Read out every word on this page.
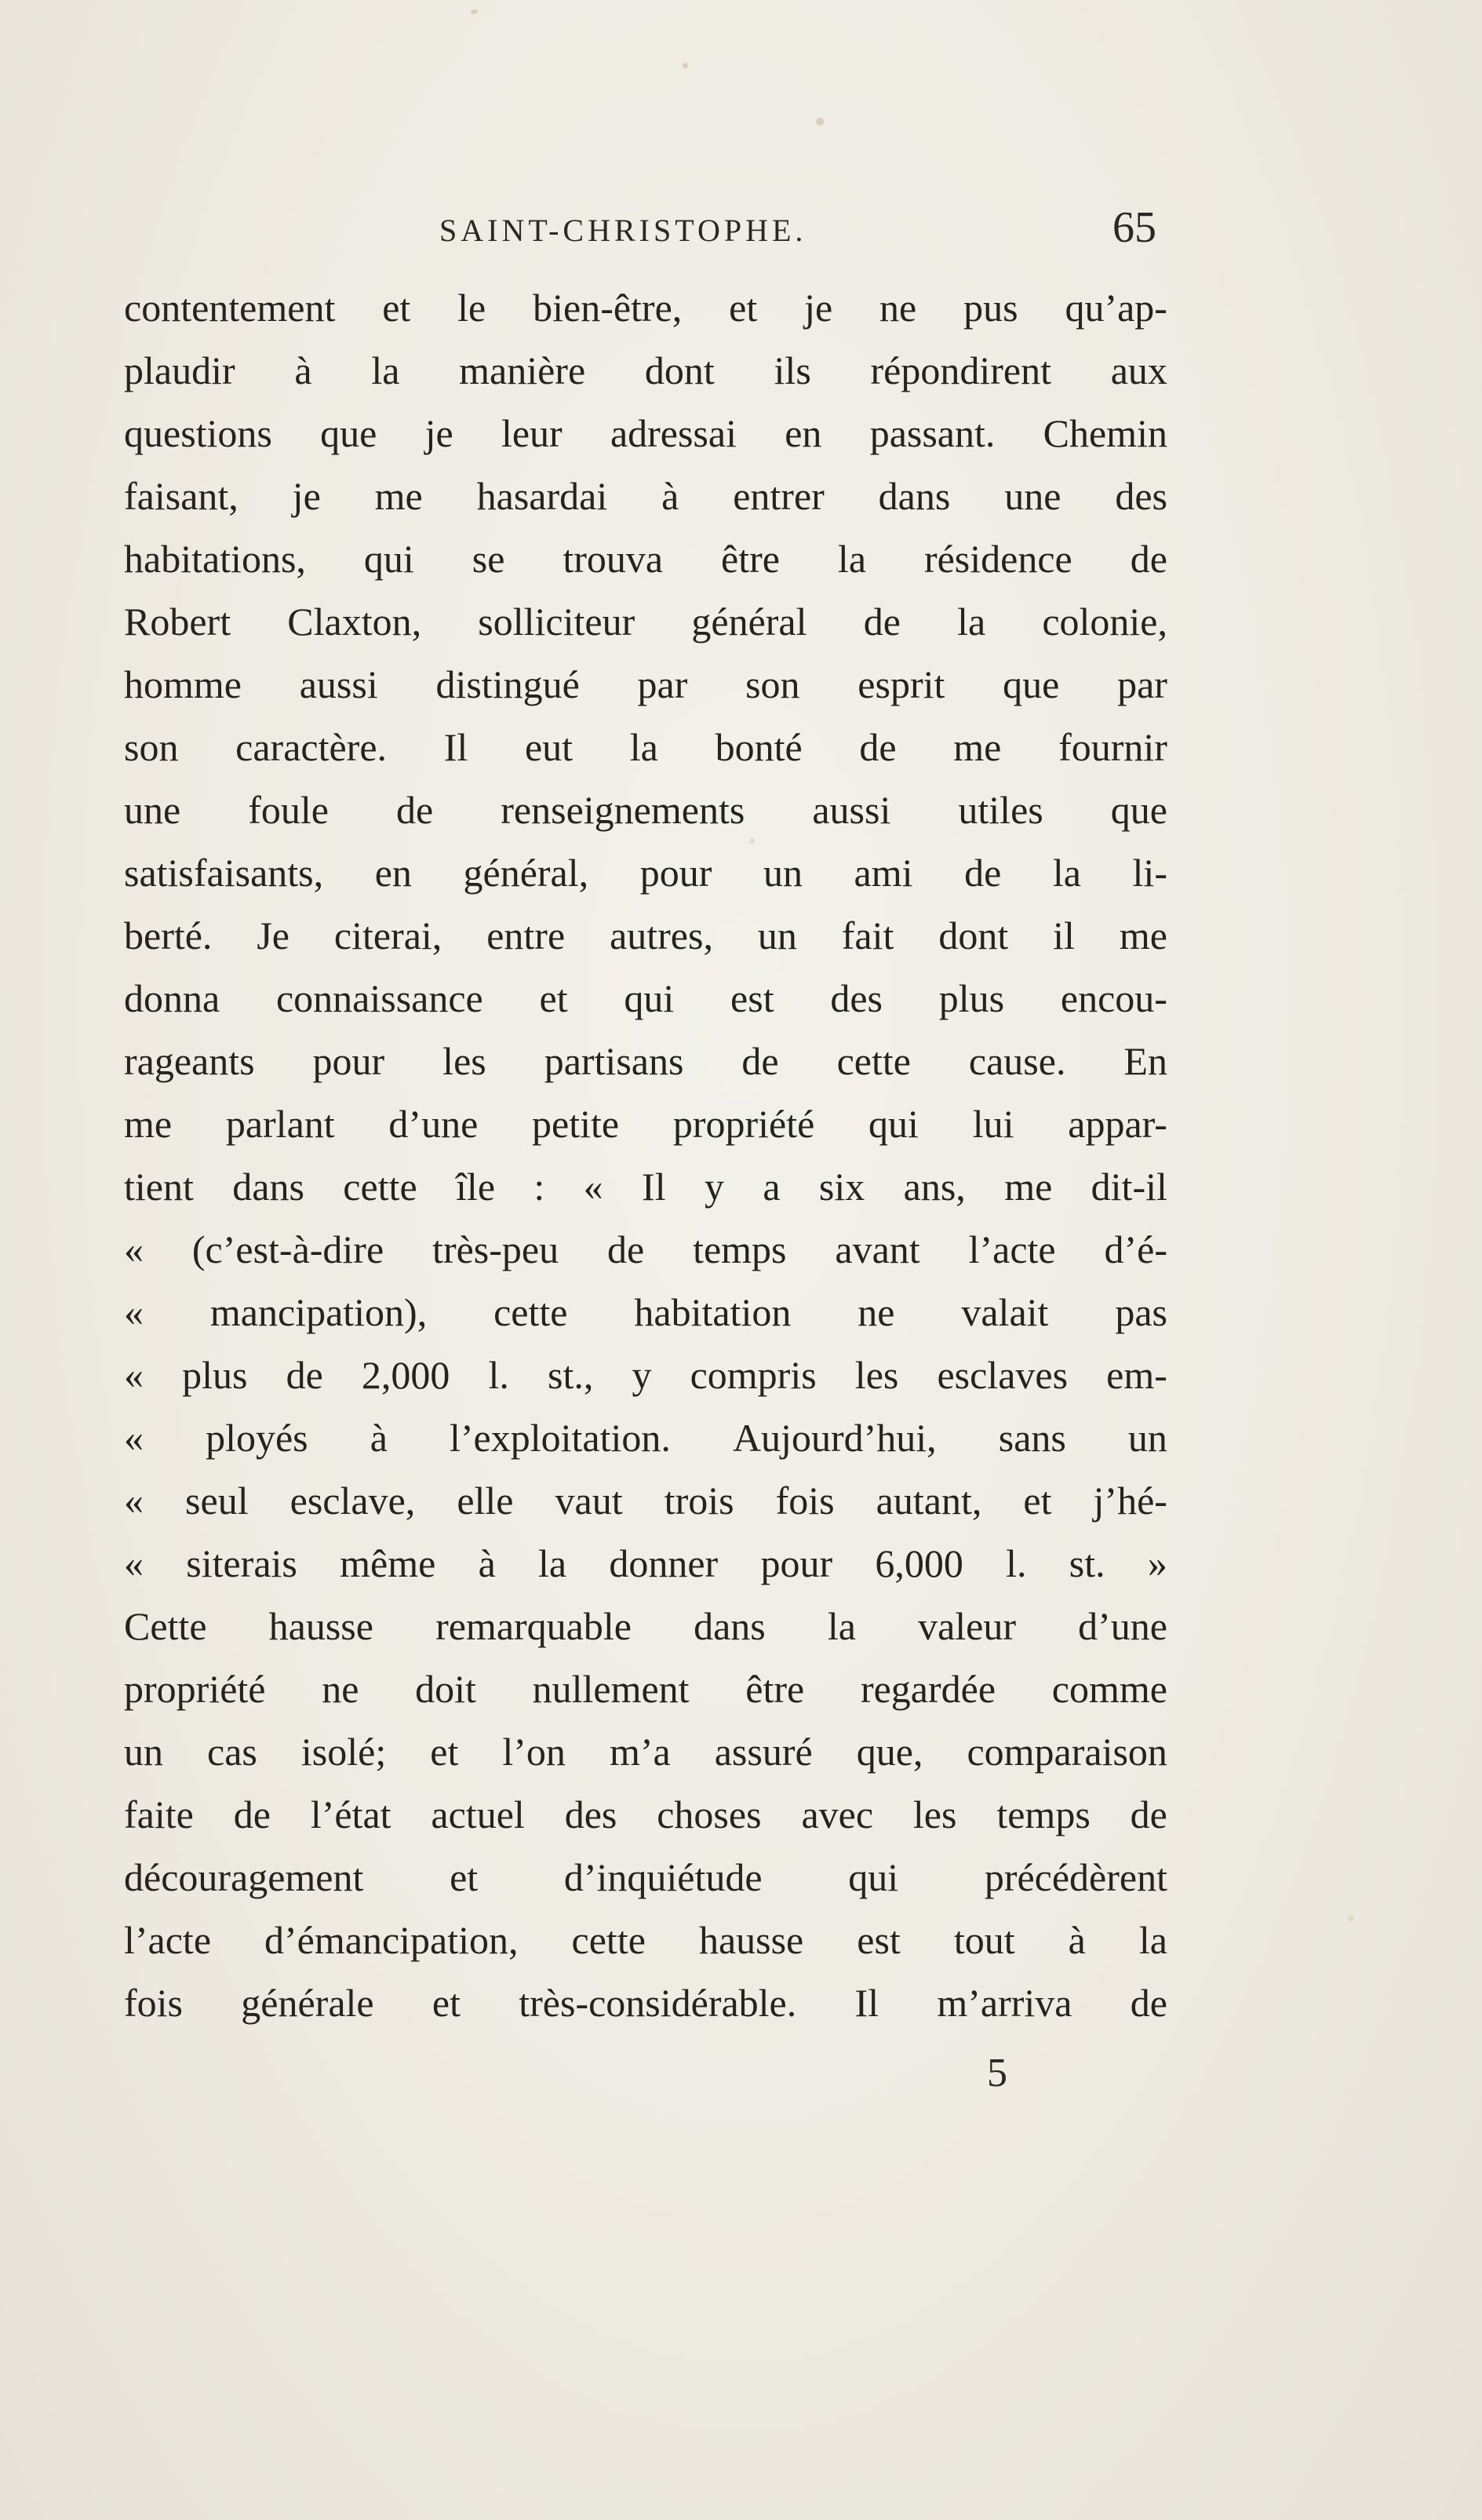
SAINT-CHRISTOPHE.	65
contentement et le bien-être, et je ne pus qu’ap-
plaudir à la manière dont ils répondirent aux
questions que je leur adressai en passant. Chemin
faisant, je me hasardai à entrer dans une des
habitations, qui se trouva être la résidence de
Robert Claxton, solliciteur général de la colonie,
homme aussi distingué par son esprit que par
son caractère. Il eut la bonté de me fournir
une foule de renseignements aussi utiles que
satisfaisants, en général, pour un ami de la li-
berté. Je citerai, entre autres, un fait dont il me
donna connaissance et qui est des plus encou-
rageants pour les partisans de cette cause. En
me parlant d’une petite propriété qui lui appar-
tient dans cette île : « Il y a six ans, me dit-il
« (c’est-à-dire très-peu de temps avant l’acte d’é-
« mancipation), cette habitation ne valait pas
« plus de 2,000 l. st., y compris les esclaves em-
« ployés à l’exploitation. Aujourd’hui, sans un
« seul esclave, elle vaut trois fois autant, et j’hé-
« siterais même à la donner pour 6,000 l. st. »
Cette hausse remarquable dans la valeur d’une
propriété ne doit nullement être regardée comme
un cas isolé; et l’on m’a assuré que, comparaison
faite de l’état actuel des choses avec les temps de
découragement et d’inquiétude qui précédèrent
l’acte d’émancipation, cette hausse est tout à la
fois générale et très-considérable. Il m’arriva de
5
